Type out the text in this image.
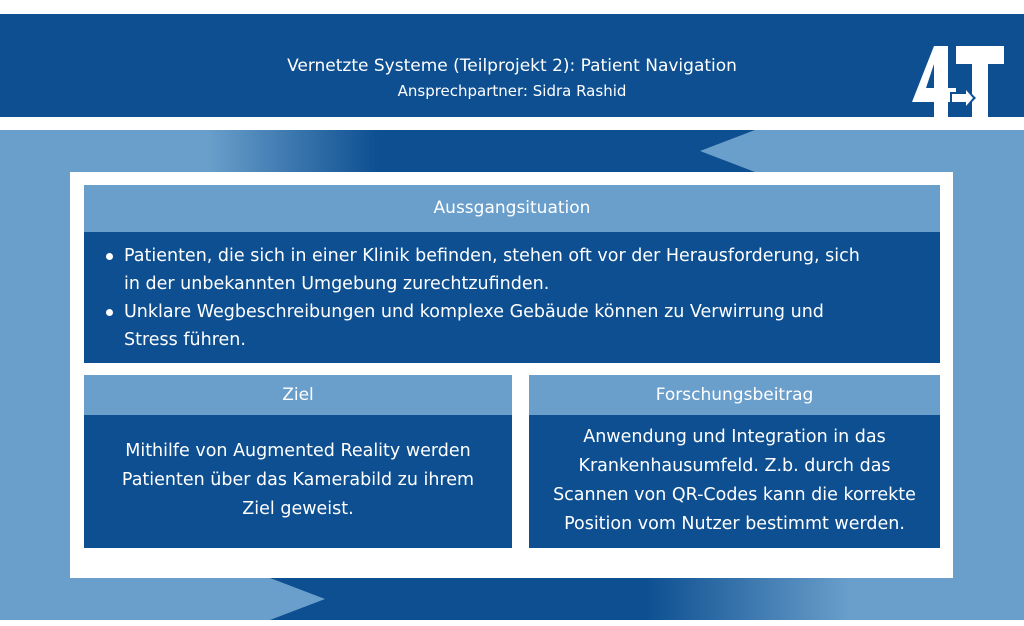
Vernetzte Systeme (Teilprojekt 2): Patient Navigation
Ansprechpartner: Sidra Rashid
Aussgangsituation
Patienten, die sich in einer Klinik befinden, stehen oft vor der Herausforderung, sich
in der unbekannten Umgebung zurechtzufinden.
Unklare Wegbeschreibungen und komplexe Gebäude können zu Verwirrung und
Stress führen.
Ziel
Mithilfe von Augmented Reality werden
Patienten über das Kamerabild zu ihrem
Ziel geweist.
Forschungsbeitrag
Anwendung und Integration in das
Krankenhausumfeld. Z.b. durch das
Scannen von QR-Codes kann die korrekte
Position vom Nutzer bestimmt werden.
